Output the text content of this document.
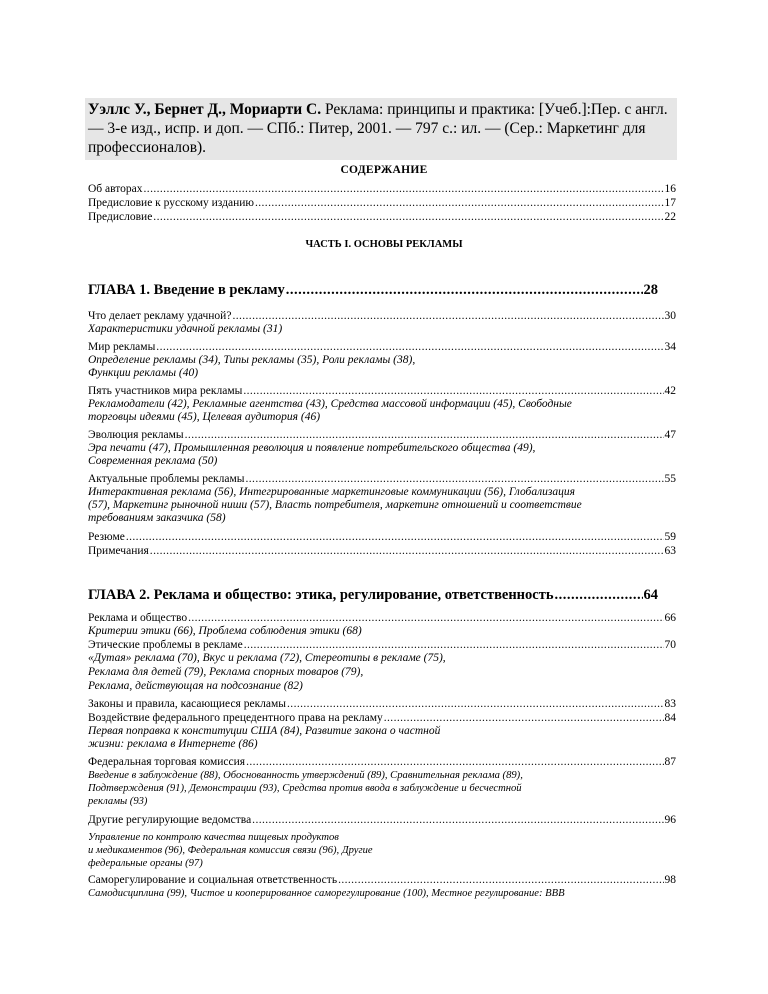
Уэллс У., Бернет Д., Мориарти С. Реклама: принципы и практика: [Учеб.]:Пер. с англ. — 3-е изд., испр. и доп. — СПб.: Питер, 2001. — 797 с.: ил. — (Сер.: Маркетинг для профессионалов).
СОДЕРЖАНИЕ
Об авторах .....	16
Предисловие к русскому изданию .....	17
Предисловие .....	22
ЧАСТЬ I. ОСНОВЫ РЕКЛАМЫ
ГЛАВА 1. Введение в рекламу .....	28
Что делает рекламу удачной? .....	30
Характеристики удачной рекламы (31)
Мир рекламы .....	34
Определение рекламы (34), Типы рекламы (35), Роли рекламы (38),
Функции рекламы (40)
Пять участников мира рекламы .....	42
Рекламодатели (42), Рекламные агентства (43), Средства массовой информации (45), Свободные
торговцы идеями (45), Целевая аудитория (46)
Эволюция рекламы .....	47
Эра печати (47), Промышленная революция и появление потребительского общества (49),
Современная реклама (50)
Актуальные проблемы рекламы .....	55
Интерактивная реклама (56), Интегрированные маркетинговые коммуникации (56), Глобализация
(57), Маркетинг рыночной ниши (57), Власть потребителя, маркетинг отношений и соответствие
требованиям заказчика (58)
Резюме .....	59
Примечания .....	63
ГЛАВА 2. Реклама и общество: этика, регулирование, ответственность .....	64
Реклама и общество .....	66
Критерии этики (66), Проблема соблюдения этики (68)
Этические проблемы в рекламе .....	70
«Дутая» реклама (70), Вкус и реклама (72), Стереотипы в рекламе (75),
Реклама для детей (79), Реклама спорных товаров (79),
Реклама, действующая на подсознание (82)
Законы и правила, касающиеся рекламы .....	83
Воздействие федерального прецедентного права на рекламу .....	84
Первая поправка к конституции США (84), Развитие закона о частной
жизни: реклама в Интернете (86)
Федеральная торговая комиссия .....	87
Введение в заблуждение (88), Обоснованность утверждений (89), Сравнительная реклама (89),
Подтверждения (91), Демонстрации (93), Средства против ввода в заблуждение и бесчестной
рекламы (93)
Другие регулирующие ведомства .....	96
Управление по контролю качества пищевых продуктов
и медикаментов (96), Федеральная комиссия связи (96), Другие
федеральные органы (97)
Саморегулирование и социальная ответственность .....	98
Самодисциплина (99), Чистое и кооперированное саморегулирование (100), Местное регулирование: BBB
